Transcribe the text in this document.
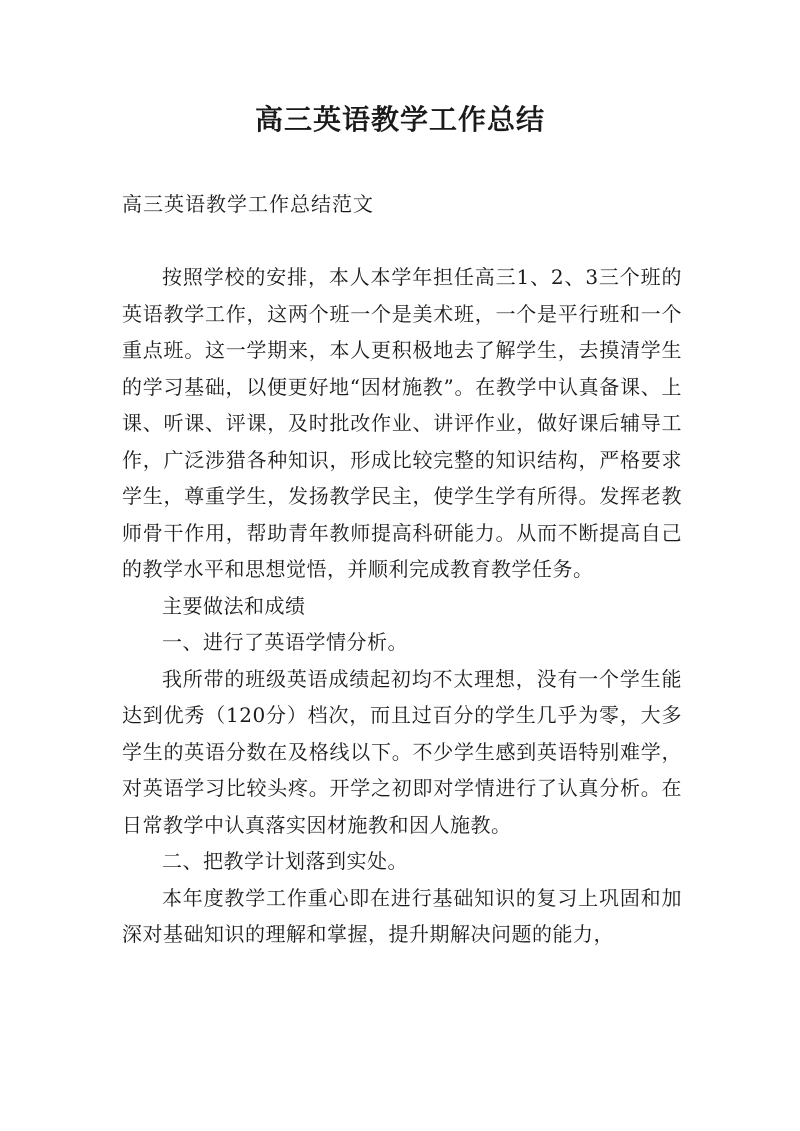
高三英语教学工作总结
高三英语教学工作总结范文

按照学校的安排，本人本学年担任高三1、2、3三个班的英语教学工作，这两个班一个是美术班，一个是平行班和一个重点班。这一学期来，本人更积极地去了解学生，去摸清学生的学习基础，以便更好地“因材施教”。在教学中认真备课、上课、听课、评课，及时批改作业、讲评作业，做好课后辅导工作，广泛涉猎各种知识，形成比较完整的知识结构，严格要求学生，尊重学生，发扬教学民主，使学生学有所得。发挥老教师骨干作用，帮助青年教师提高科研能力。从而不断提高自己的教学水平和思想觉悟，并顺利完成教育教学任务。

主要做法和成绩

一、进行了英语学情分析。

我所带的班级英语成绩起初均不太理想，没有一个学生能达到优秀（120分）档次，而且过百分的学生几乎为零，大多学生的英语分数在及格线以下。不少学生感到英语特别难学，对英语学习比较头疼。开学之初即对学情进行了认真分析。在日常教学中认真落实因材施教和因人施教。

二、把教学计划落到实处。

本年度教学工作重心即在进行基础知识的复习上巩固和加深对基础知识的理解和掌握，提升期解决问题的能力，
